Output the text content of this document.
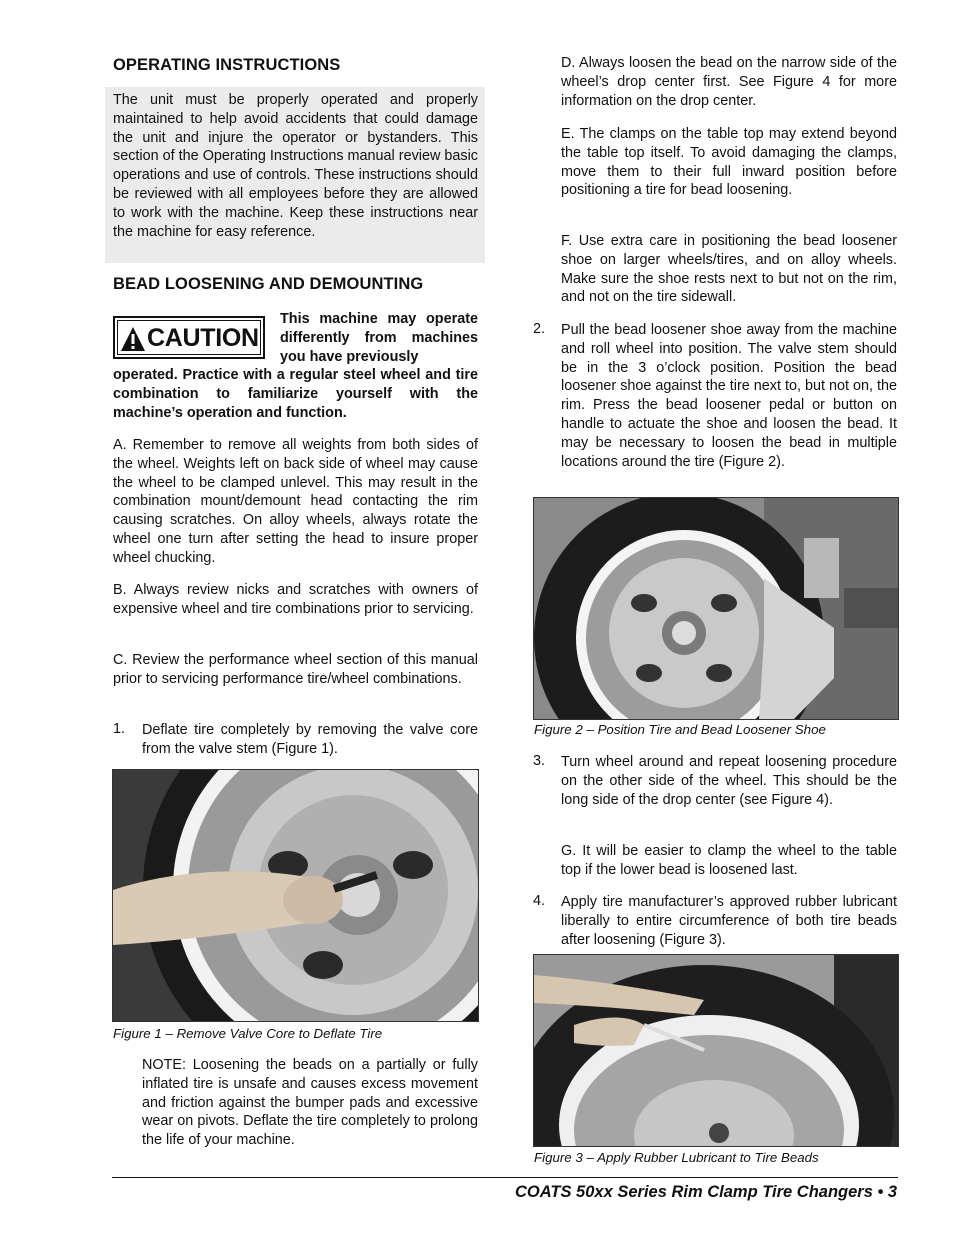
OPERATING INSTRUCTIONS

The unit must be properly operated and properly maintained to help avoid accidents that could damage the unit and injure the operator or bystanders. This section of the Operating Instructions manual review basic operations and use of controls. These instructions should be reviewed with all employees before they are allowed to work with the machine. Keep these instructions near the machine for easy reference.

BEAD LOOSENING AND DEMOUNTING
CAUTION

This machine may operate differently from machines you have previously

operated. Practice with a regular steel wheel and tire combination to familiarize yourself with the machine’s operation and function.

A. Remember to remove all weights from both sides of the wheel. Weights left on back side of wheel may cause the wheel to be clamped unlevel. This may result in the combination mount/demount head contacting the rim causing scratches. On alloy wheels, always rotate the wheel one turn after setting the head to insure proper wheel chucking.

B. Always review nicks and scratches with owners of expensive wheel and tire combinations prior to servicing.

C. Review the performance wheel section of this manual prior to servicing performance tire/wheel combinations.

1. Deflate tire completely by removing the valve core from the valve stem (Figure 1).

Figure 1 – Remove Valve Core to Deflate Tire

NOTE: Loosening the beads on a partially or fully inflated tire is unsafe and causes excess movement and friction against the bumper pads and excessive wear on pivots. Deflate the tire completely to prolong the life of your machine.

D. Always loosen the bead on the narrow side of the wheel’s drop center first. See Figure 4 for more information on the drop center.

E. The clamps on the table top may extend beyond the table top itself. To avoid damaging the clamps, move them to their full inward position before positioning a tire for bead loosening.

F. Use extra care in positioning the bead loosener shoe on larger wheels/tires, and on alloy wheels. Make sure the shoe rests next to but not on the rim, and not on the tire sidewall.

2. Pull the bead loosener shoe away from the machine and roll wheel into position. The valve stem should be in the 3 o’clock position. Position the bead loosener shoe against the tire next to, but not on, the rim. Press the bead loosener pedal or button on handle to actuate the shoe and loosen the bead. It may be necessary to loosen the bead in multiple locations around the tire (Figure 2).

Figure 2 – Position Tire and Bead Loosener Shoe
3. Turn wheel around and repeat loosening procedure on the other side of the wheel. This should be the long side of the drop center (see Figure 4).

G. It will be easier to clamp the wheel to the table top if the lower bead is loosened last.

4. Apply tire manufacturer’s approved rubber lubricant liberally to entire circumference of both tire beads after loosening (Figure 3).

Figure 3 – Apply Rubber Lubricant to Tire Beads
COATS 50xx Series Rim Clamp Tire Changers • 3
